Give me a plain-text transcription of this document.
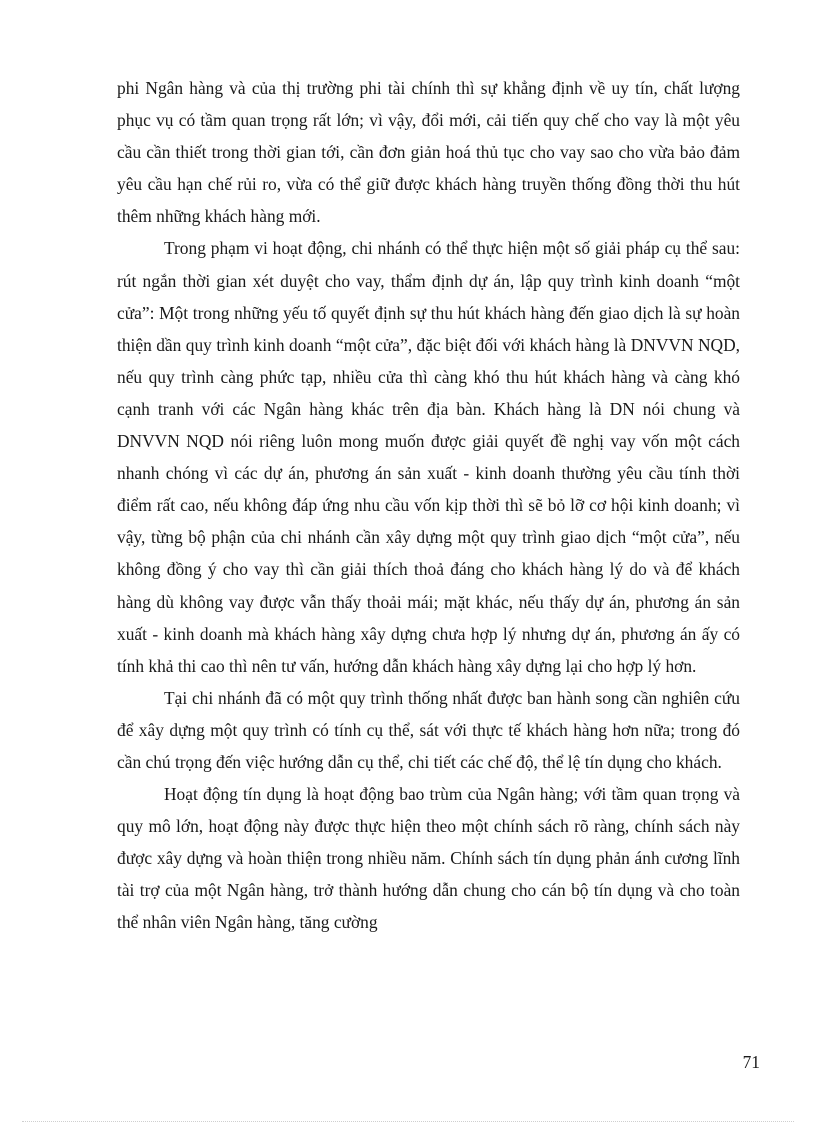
phi Ngân hàng và của thị trường phi tài chính thì sự khẳng định về uy tín, chất lượng phục vụ có tầm quan trọng rất lớn; vì vậy, đổi mới, cải tiến quy chế cho vay là một yêu cầu cần thiết trong thời gian tới, cần đơn giản hoá thủ tục cho vay sao cho vừa bảo đảm yêu cầu hạn chế rủi ro, vừa có thể giữ được khách hàng truyền thống đồng thời thu hút thêm những khách hàng mới.

Trong phạm vi hoạt động, chi nhánh có thể thực hiện một số giải pháp cụ thể sau: rút ngắn thời gian xét duyệt cho vay, thẩm định dự án, lập quy trình kinh doanh “một cửa”: Một trong những yếu tố quyết định sự thu hút khách hàng đến giao dịch là sự hoàn thiện dần quy trình kinh doanh “một cửa”, đặc biệt đối với khách hàng là DNVVN NQD, nếu quy trình càng phức tạp, nhiều cửa thì càng khó thu hút khách hàng và càng khó cạnh tranh với các Ngân hàng khác trên địa bàn. Khách hàng là DN nói chung và DNVVN NQD nói riêng luôn mong muốn được giải quyết đề nghị vay vốn một cách nhanh chóng vì các dự án, phương án sản xuất - kinh doanh thường yêu cầu tính thời điểm rất cao, nếu không đáp ứng nhu cầu vốn kịp thời thì sẽ bỏ lỡ cơ hội kinh doanh; vì vậy, từng bộ phận của chi nhánh cần xây dựng một quy trình giao dịch “một cửa”, nếu không đồng ý cho vay thì cần giải thích thoả đáng cho khách hàng lý do và để khách hàng dù không vay được vẫn thấy thoải mái; mặt khác, nếu thấy dự án, phương án sản xuất - kinh doanh mà khách hàng xây dựng chưa hợp lý nhưng dự án, phương án ấy có tính khả thi cao thì nên tư vấn, hướng dẫn khách hàng xây dựng lại cho hợp lý hơn.

Tại chi nhánh đã có một quy trình thống nhất được ban hành song cần nghiên cứu để xây dựng một quy trình có tính cụ thể, sát với thực tế khách hàng hơn nữa; trong đó cần chú trọng đến việc hướng dẫn cụ thể, chi tiết các chế độ, thể lệ tín dụng cho khách.

Hoạt động tín dụng là hoạt động bao trùm của Ngân hàng; với tầm quan trọng và quy mô lớn, hoạt động này được thực hiện theo một chính sách rõ ràng, chính sách này được xây dựng và hoàn thiện trong nhiều năm. Chính sách tín dụng phản ánh cương lĩnh tài trợ của một Ngân hàng, trở thành hướng dẫn chung cho cán bộ tín dụng và cho toàn thể nhân viên Ngân hàng, tăng cường

71
